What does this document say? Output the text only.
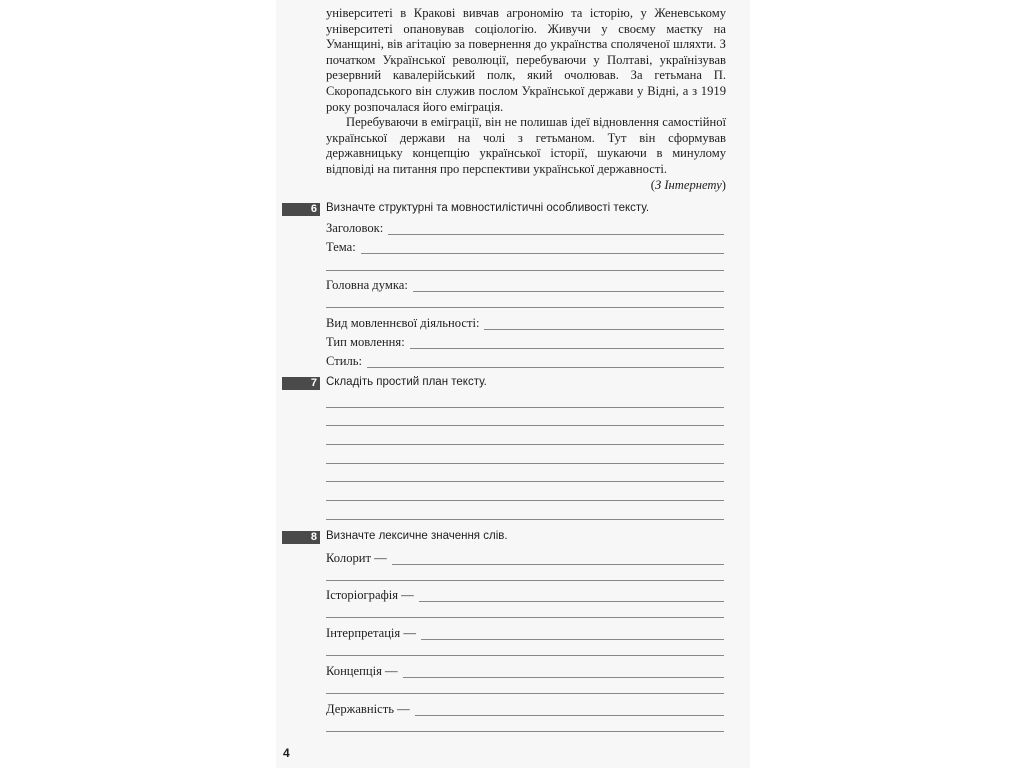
університеті в Кракові вивчав агрономію та історію, у Женевському університеті опановував соціологію. Живучи у своєму маєтку на Уманщині, вів агітацію за повернення до українства споляченої шляхти. З початком Української революції, перебуваючи у Полтаві, українізував резервний кавалерійський полк, який очолював. За гетьмана П. Скоропадського він служив послом Української держави у Відні, а з 1919 року розпочалася його еміграція.

Перебуваючи в еміграції, він не полишав ідеї відновлення самостійної української держави на чолі з гетьманом. Тут він сформував державницьку концепцію української історії, шукаючи в минулому відповіді на питання про перспективи української державності.

(З Інтернету)

6 Визначте структурні та мовностилістичні особливості тексту.
Заголовок:
Тема:
Головна думка:
Вид мовленнєвої діяльності:
Тип мовлення:
Стиль:
7 Складіть простий план тексту.
8 Визначте лексичне значення слів.
Колорит —
Історіографія —
Інтерпретація —
Концепція —
Державність —
4
